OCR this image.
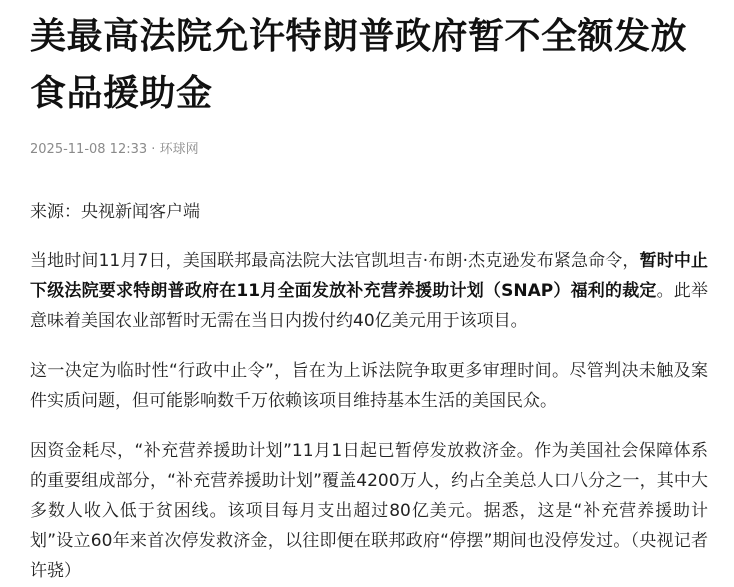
美最高法院允许特朗普政府暂不全额发放食品援助金
2025-11-08 12:33 · 环球网

来源：央视新闻客户端

当地时间11月7日，美国联邦最高法院大法官凯坦吉·布朗·杰克逊发布紧急命令，暂时中止下级法院要求特朗普政府在11月全面发放补充营养援助计划（SNAP）福利的裁定。此举意味着美国农业部暂时无需在当日内拨付约40亿美元用于该项目。

这一决定为临时性“行政中止令”，旨在为上诉法院争取更多审理时间。尽管判决未触及案件实质问题，但可能影响数千万依赖该项目维持基本生活的美国民众。

因资金耗尽，“补充营养援助计划”11月1日起已暂停发放救济金。作为美国社会保障体系的重要组成部分，“补充营养援助计划”覆盖4200万人，约占全美总人口八分之一，其中大多数人收入低于贫困线。该项目每月支出超过80亿美元。据悉，这是“补充营养援助计划”设立60年来首次停发救济金，以往即便在联邦政府“停摆”期间也没停发过。（央视记者 许骁）
